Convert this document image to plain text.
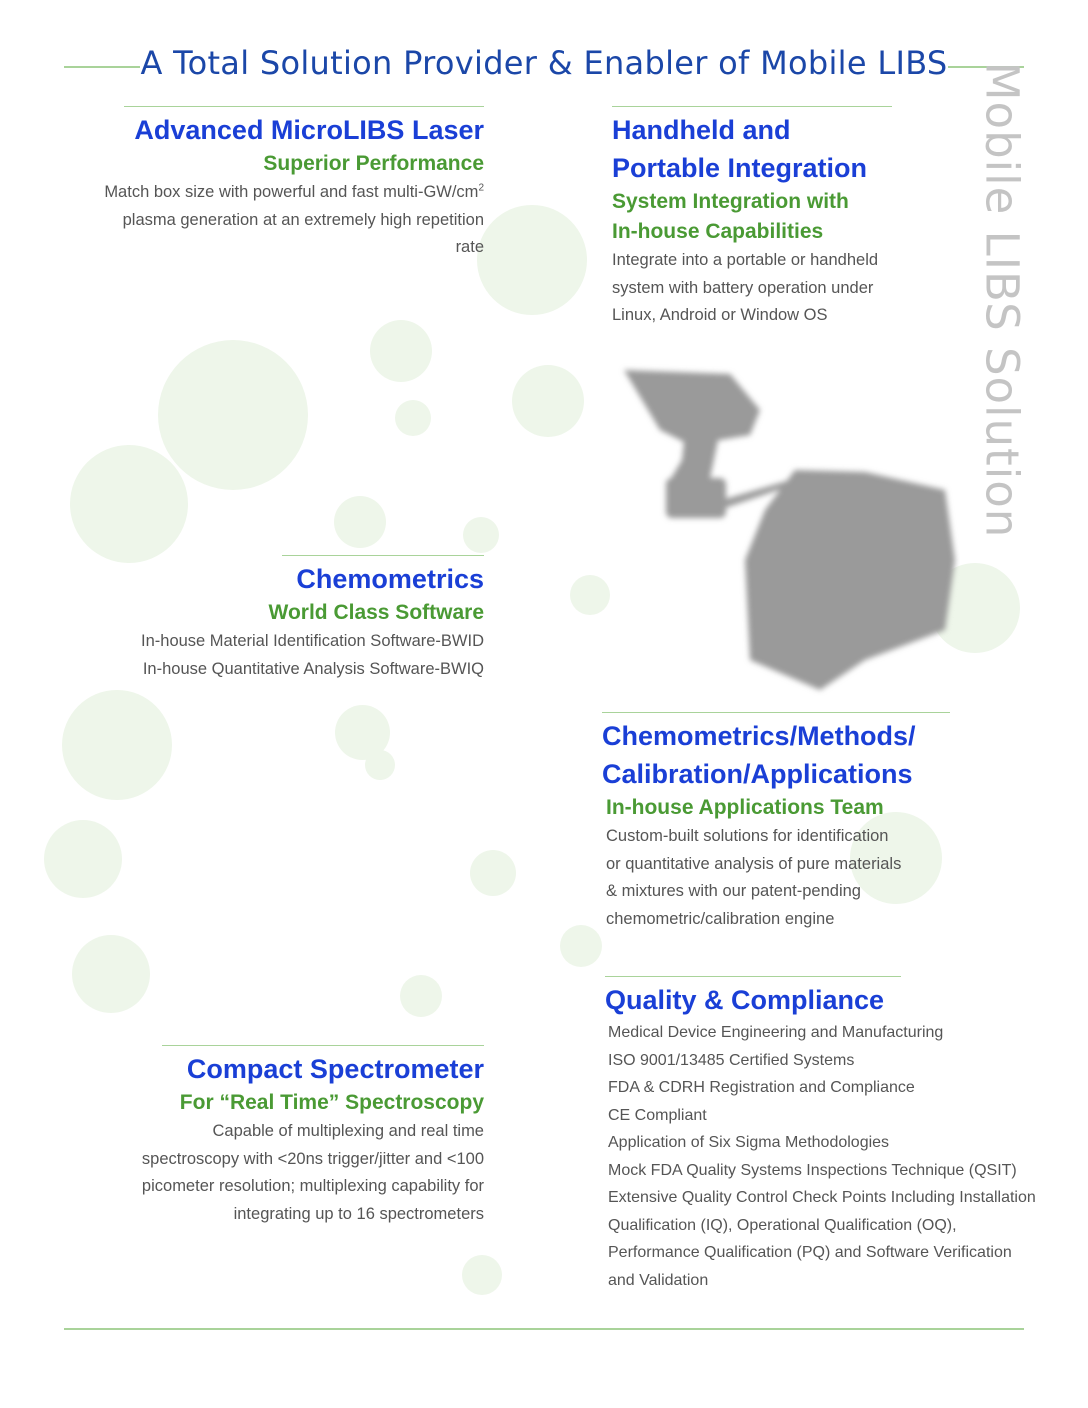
A Total Solution Provider & Enabler of Mobile LIBS Mobile LIBS Solution
Advanced MicroLIBS Laser
Superior Performance
Match box size with powerful and fast multi-$GW/cm^2$
plasma generation at an extremely high repetition rate
Handheld and
Portable Integration
System Integration with
In-house Capabilities
Integrate into a portable or handheld
system with battery operation under
Linux, Android or Window OS
Chemometrics
World Class Software
In-house Material Identification Software-BWID
In-house Quantitative Analysis Software-BWIQ
Chemometrics/Methods/
Calibration/Applications
In-house Applications Team
Custom-built solutions for identification
or quantitative analysis of pure materials
& mixtures with our patent-pending
chemometric/calibration engine
Quality & Compliance
Medical Device Engineering and Manufacturing
ISO 9001/13485 Certified Systems
FDA & CDRH Registration and Compliance
CE Compliant
Application of Six Sigma Methodologies
Mock FDA Quality Systems Inspections Technique (QSIT)
Extensive Quality Control Check Points Including Installation
Qualification (IQ), Operational Qualification (OQ),
Performance Qualification (PQ) and Software Verification
and Validation
Compact Spectrometer
For “Real Time” Spectroscopy
Capable of multiplexing and real time
spectroscopy with <20ns trigger/jitter and <100
picometer resolution; multiplexing capability for
integrating up to 16 spectrometers
